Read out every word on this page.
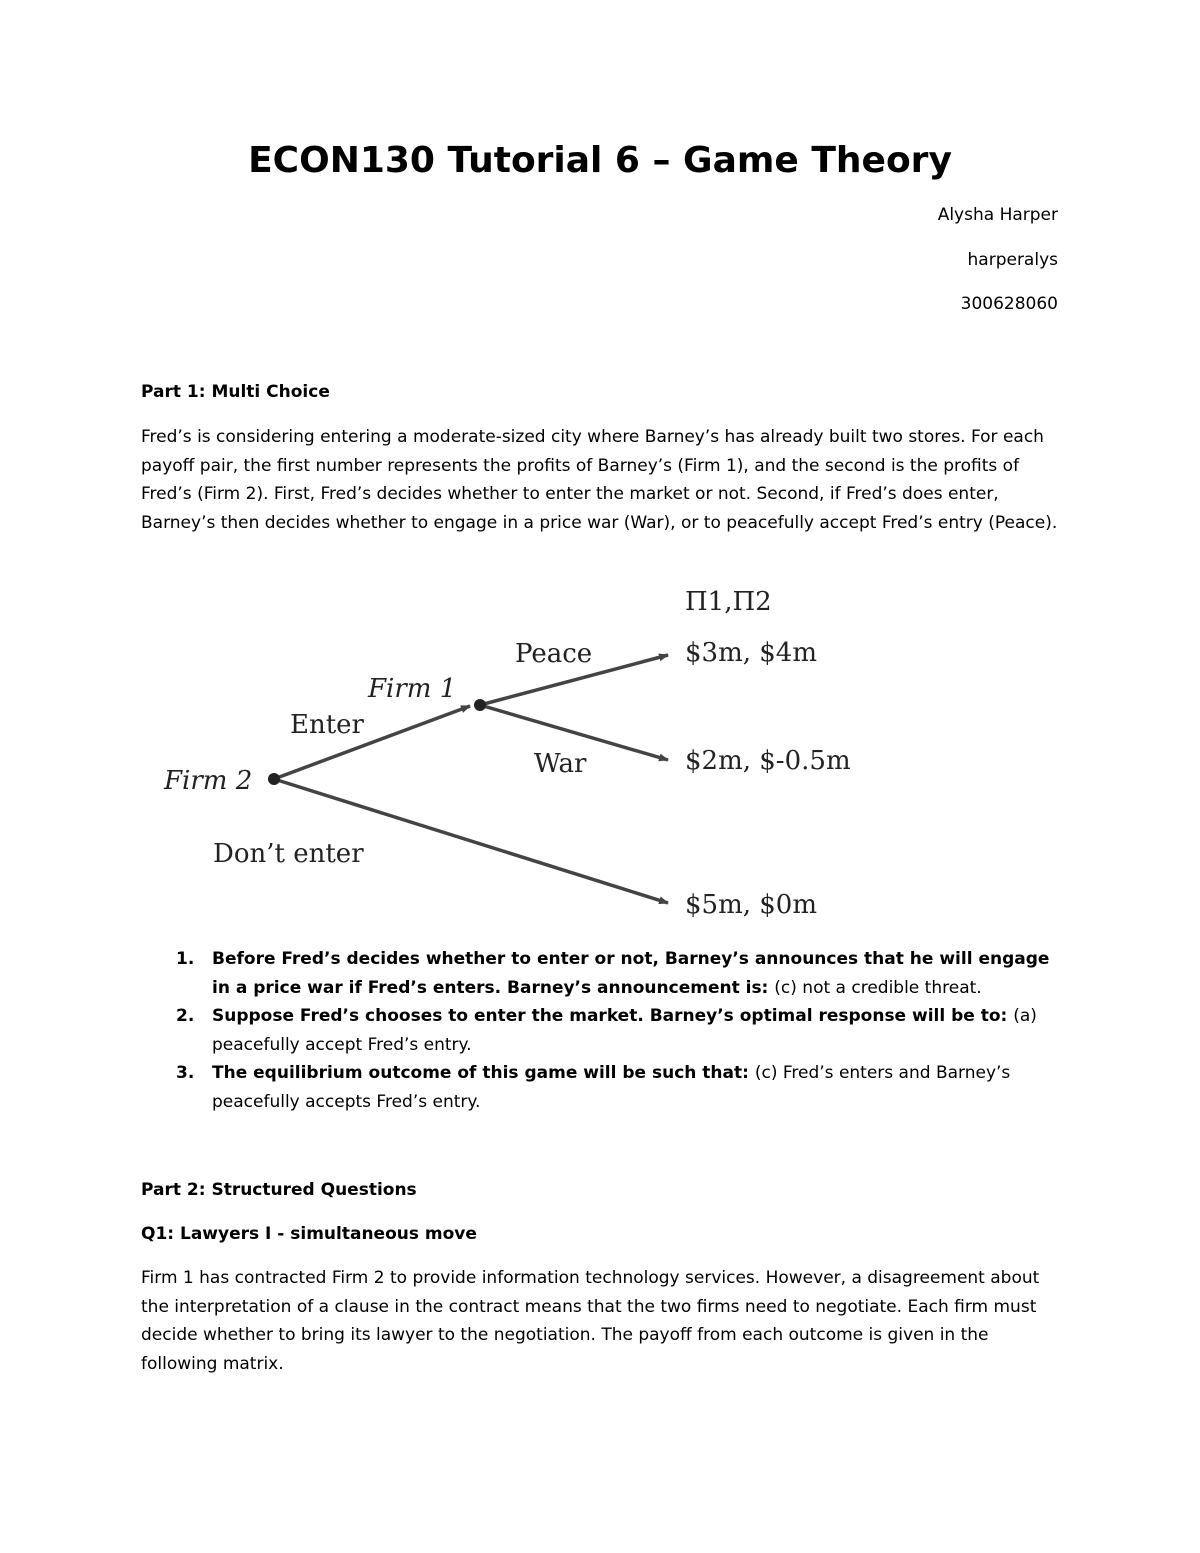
ECON130 Tutorial 6 – Game Theory
Alysha Harper
harperalys
300628060
Part 1: Multi Choice

Fred’s is considering entering a moderate-sized city where Barney’s has already built two stores. For each payoff pair, the first number represents the profits of Barney’s (Firm 1), and the second is the profits of Fred’s (Firm 2). First, Fred’s decides whether to enter the market or not. Second, if Fred’s does enter, Barney’s then decides whether to engage in a price war (War), or to peacefully accept Fred’s entry (Peace).

Π1,Π2
Firm 2
Firm 1
Enter
Don’t enter
Peace
War
$3m, $4m
$2m, $-0.5m
$5m, $0m
1. Before Fred’s decides whether to enter or not, Barney’s announces that he will engage in a price war if Fred’s enters. Barney’s announcement is: (c) not a credible threat.
2. Suppose Fred’s chooses to enter the market. Barney’s optimal response will be to: (a) peacefully accept Fred’s entry.
3. The equilibrium outcome of this game will be such that: (c) Fred’s enters and Barney’s peacefully accepts Fred’s entry.
Part 2: Structured Questions
Q1: Lawyers I - simultaneous move

Firm 1 has contracted Firm 2 to provide information technology services. However, a disagreement about the interpretation of a clause in the contract means that the two firms need to negotiate. Each firm must decide whether to bring its lawyer to the negotiation. The payoff from each outcome is given in the following matrix.
